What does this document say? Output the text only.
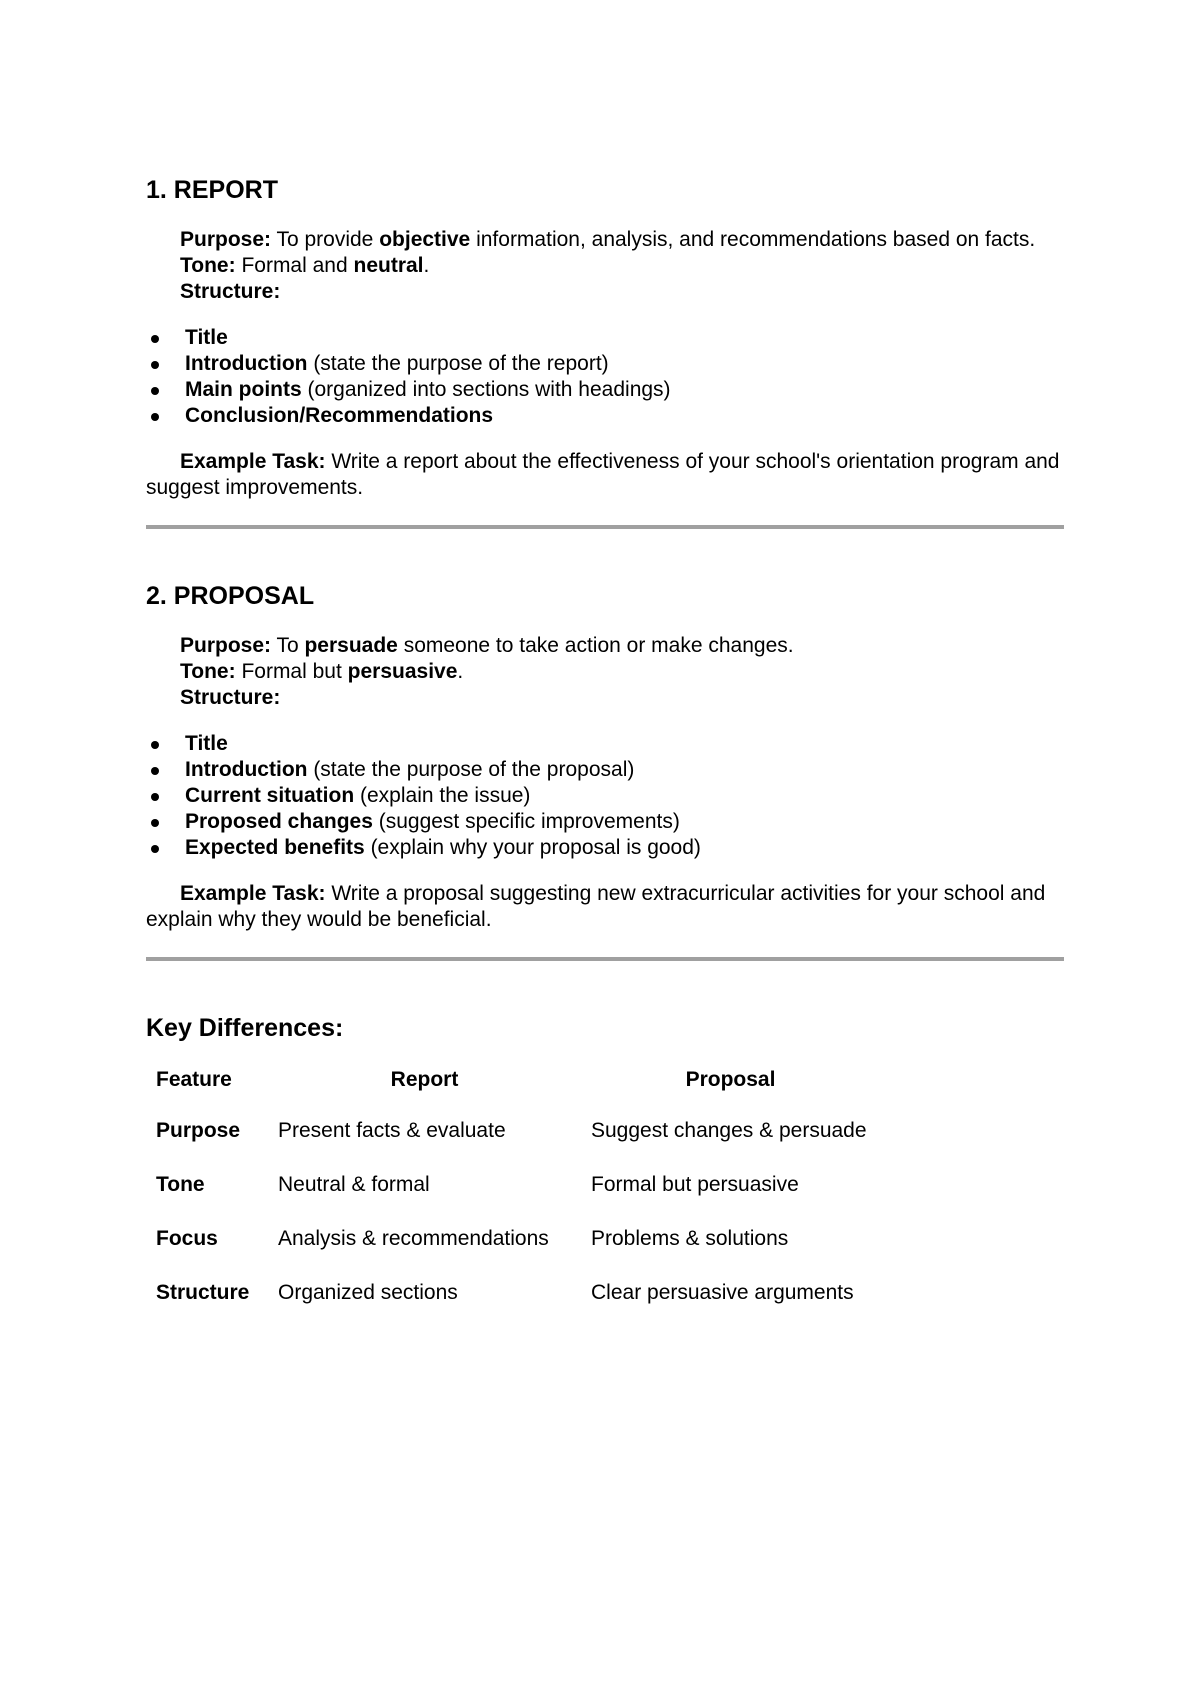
1. REPORT

Purpose: To provide objective information, analysis, and recommendations based on facts.

Tone: Formal and neutral.

Structure:

Title
Introduction (state the purpose of the report)
Main points (organized into sections with headings)
Conclusion/Recommendations

Example Task: Write a report about the effectiveness of your school's orientation program and suggest improvements.

2. PROPOSAL

Purpose: To persuade someone to take action or make changes.

Tone: Formal but persuasive.

Structure:

Title
Introduction (state the purpose of the proposal)
Current situation (explain the issue)
Proposed changes (suggest specific improvements)
Expected benefits (explain why your proposal is good)

Example Task: Write a proposal suggesting new extracurricular activities for your school and explain why they would be beneficial.

Key Differences:
Feature	Report	Proposal
Purpose	Present facts & evaluate	Suggest changes & persuade
Tone	Neutral & formal	Formal but persuasive
Focus	Analysis & recommendations	Problems & solutions
Structure	Organized sections	Clear persuasive arguments
